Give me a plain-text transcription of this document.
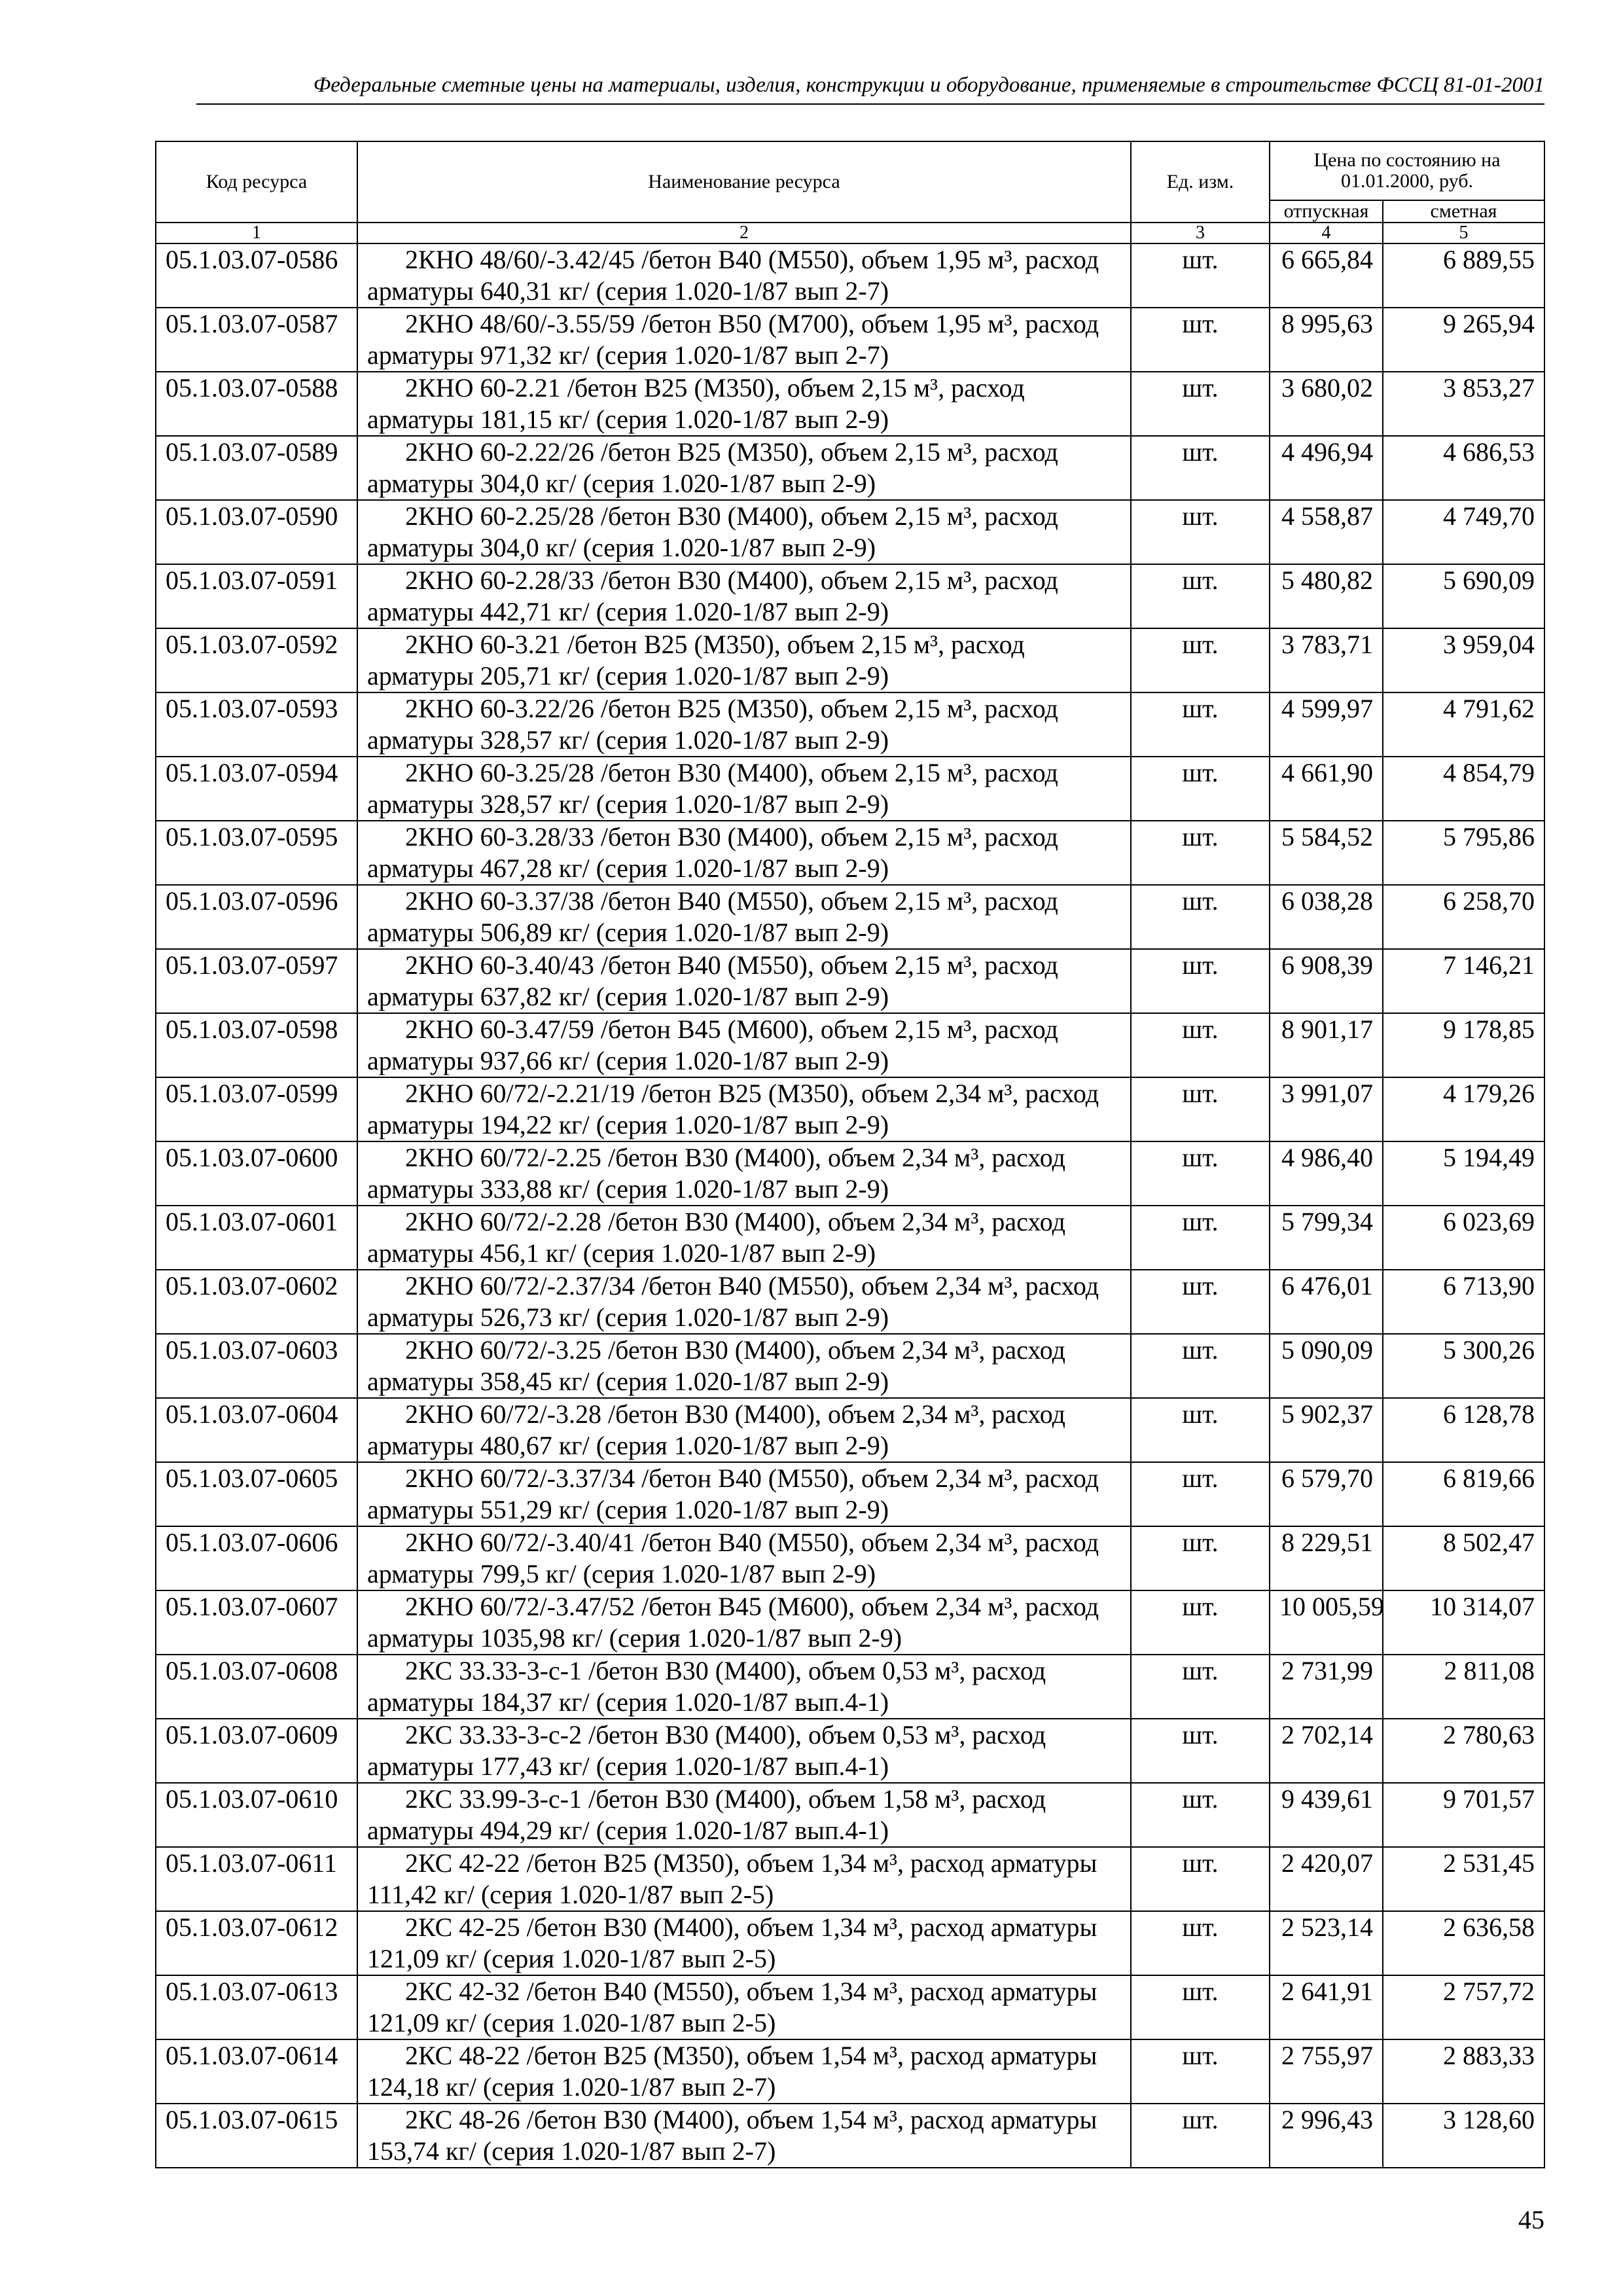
Федеральные сметные цены на материалы, изделия, конструкции и оборудование, применяемые в строительстве ФССЦ 81-01-2001
Код ресурса	Наименование ресурса	Ед. изм.	Цена по состоянию на 01.01.2000, руб.	
			отпускная	сметная
1	2	3	4	5
05.1.03.07-0586	2КНО 48/60/-3.42/45 /бетон В40 (М550), объем 1,95 м³, расход арматуры 640,31 кг/ (серия 1.020-1/87 вып 2-7)	шт.	6 665,84	6 889,55
05.1.03.07-0587	2КНО 48/60/-3.55/59 /бетон В50 (М700), объем 1,95 м³, расход арматуры 971,32 кг/ (серия 1.020-1/87 вып 2-7)	шт.	8 995,63	9 265,94
05.1.03.07-0588	2КНО 60-2.21 /бетон В25 (М350), объем 2,15 м³, расход арматуры 181,15 кг/ (серия 1.020-1/87 вып 2-9)	шт.	3 680,02	3 853,27
05.1.03.07-0589	2КНО 60-2.22/26 /бетон В25 (М350), объем 2,15 м³, расход арматуры 304,0 кг/ (серия 1.020-1/87 вып 2-9)	шт.	4 496,94	4 686,53
05.1.03.07-0590	2КНО 60-2.25/28 /бетон В30 (М400), объем 2,15 м³, расход арматуры 304,0 кг/ (серия 1.020-1/87 вып 2-9)	шт.	4 558,87	4 749,70
05.1.03.07-0591	2КНО 60-2.28/33 /бетон В30 (М400), объем 2,15 м³, расход арматуры 442,71 кг/ (серия 1.020-1/87 вып 2-9)	шт.	5 480,82	5 690,09
05.1.03.07-0592	2КНО 60-3.21 /бетон В25 (М350), объем 2,15 м³, расход арматуры 205,71 кг/ (серия 1.020-1/87 вып 2-9)	шт.	3 783,71	3 959,04
05.1.03.07-0593	2КНО 60-3.22/26 /бетон В25 (М350), объем 2,15 м³, расход арматуры 328,57 кг/ (серия 1.020-1/87 вып 2-9)	шт.	4 599,97	4 791,62
05.1.03.07-0594	2КНО 60-3.25/28 /бетон В30 (М400), объем 2,15 м³, расход арматуры 328,57 кг/ (серия 1.020-1/87 вып 2-9)	шт.	4 661,90	4 854,79
05.1.03.07-0595	2КНО 60-3.28/33 /бетон В30 (М400), объем 2,15 м³, расход арматуры 467,28 кг/ (серия 1.020-1/87 вып 2-9)	шт.	5 584,52	5 795,86
05.1.03.07-0596	2КНО 60-3.37/38 /бетон В40 (М550), объем 2,15 м³, расход арматуры 506,89 кг/ (серия 1.020-1/87 вып 2-9)	шт.	6 038,28	6 258,70
05.1.03.07-0597	2КНО 60-3.40/43 /бетон В40 (М550), объем 2,15 м³, расход арматуры 637,82 кг/ (серия 1.020-1/87 вып 2-9)	шт.	6 908,39	7 146,21
05.1.03.07-0598	2КНО 60-3.47/59 /бетон В45 (М600), объем 2,15 м³, расход арматуры 937,66 кг/ (серия 1.020-1/87 вып 2-9)	шт.	8 901,17	9 178,85
05.1.03.07-0599	2КНО 60/72/-2.21/19 /бетон В25 (М350), объем 2,34 м³, расход арматуры 194,22 кг/ (серия 1.020-1/87 вып 2-9)	шт.	3 991,07	4 179,26
05.1.03.07-0600	2КНО 60/72/-2.25 /бетон В30 (М400), объем 2,34 м³, расход арматуры 333,88 кг/ (серия 1.020-1/87 вып 2-9)	шт.	4 986,40	5 194,49
05.1.03.07-0601	2КНО 60/72/-2.28 /бетон В30 (М400), объем 2,34 м³, расход арматуры 456,1 кг/ (серия 1.020-1/87 вып 2-9)	шт.	5 799,34	6 023,69
05.1.03.07-0602	2КНО 60/72/-2.37/34 /бетон В40 (М550), объем 2,34 м³, расход арматуры 526,73 кг/ (серия 1.020-1/87 вып 2-9)	шт.	6 476,01	6 713,90
05.1.03.07-0603	2КНО 60/72/-3.25 /бетон В30 (М400), объем 2,34 м³, расход арматуры 358,45 кг/ (серия 1.020-1/87 вып 2-9)	шт.	5 090,09	5 300,26
05.1.03.07-0604	2КНО 60/72/-3.28 /бетон В30 (М400), объем 2,34 м³, расход арматуры 480,67 кг/ (серия 1.020-1/87 вып 2-9)	шт.	5 902,37	6 128,78
05.1.03.07-0605	2КНО 60/72/-3.37/34 /бетон В40 (М550), объем 2,34 м³, расход арматуры 551,29 кг/ (серия 1.020-1/87 вып 2-9)	шт.	6 579,70	6 819,66
05.1.03.07-0606	2КНО 60/72/-3.40/41 /бетон В40 (М550), объем 2,34 м³, расход арматуры 799,5 кг/ (серия 1.020-1/87 вып 2-9)	шт.	8 229,51	8 502,47
05.1.03.07-0607	2КНО 60/72/-3.47/52 /бетон В45 (М600), объем 2,34 м³, расход арматуры 1035,98 кг/ (серия 1.020-1/87 вып 2-9)	шт.	10 005,59	10 314,07
05.1.03.07-0608	2КС 33.33-3-с-1 /бетон В30 (М400), объем 0,53 м³, расход арматуры 184,37 кг/ (серия 1.020-1/87 вып.4-1)	шт.	2 731,99	2 811,08
05.1.03.07-0609	2КС 33.33-3-с-2 /бетон В30 (М400), объем 0,53 м³, расход арматуры 177,43 кг/ (серия 1.020-1/87 вып.4-1)	шт.	2 702,14	2 780,63
05.1.03.07-0610	2КС 33.99-3-с-1 /бетон В30 (М400), объем 1,58 м³, расход арматуры 494,29 кг/ (серия 1.020-1/87 вып.4-1)	шт.	9 439,61	9 701,57
05.1.03.07-0611	2КС 42-22 /бетон В25 (М350), объем 1,34 м³, расход арматуры 111,42 кг/ (серия 1.020-1/87 вып 2-5)	шт.	2 420,07	2 531,45
05.1.03.07-0612	2КС 42-25 /бетон В30 (М400), объем 1,34 м³, расход арматуры 121,09 кг/ (серия 1.020-1/87 вып 2-5)	шт.	2 523,14	2 636,58
05.1.03.07-0613	2КС 42-32 /бетон В40 (М550), объем 1,34 м³, расход арматуры 121,09 кг/ (серия 1.020-1/87 вып 2-5)	шт.	2 641,91	2 757,72
05.1.03.07-0614	2КС 48-22 /бетон В25 (М350), объем 1,54 м³, расход арматуры 124,18 кг/ (серия 1.020-1/87 вып 2-7)	шт.	2 755,97	2 883,33
05.1.03.07-0615	2КС 48-26 /бетон В30 (М400), объем 1,54 м³, расход арматуры 153,74 кг/ (серия 1.020-1/87 вып 2-7)	шт.	2 996,43	3 128,60
45
